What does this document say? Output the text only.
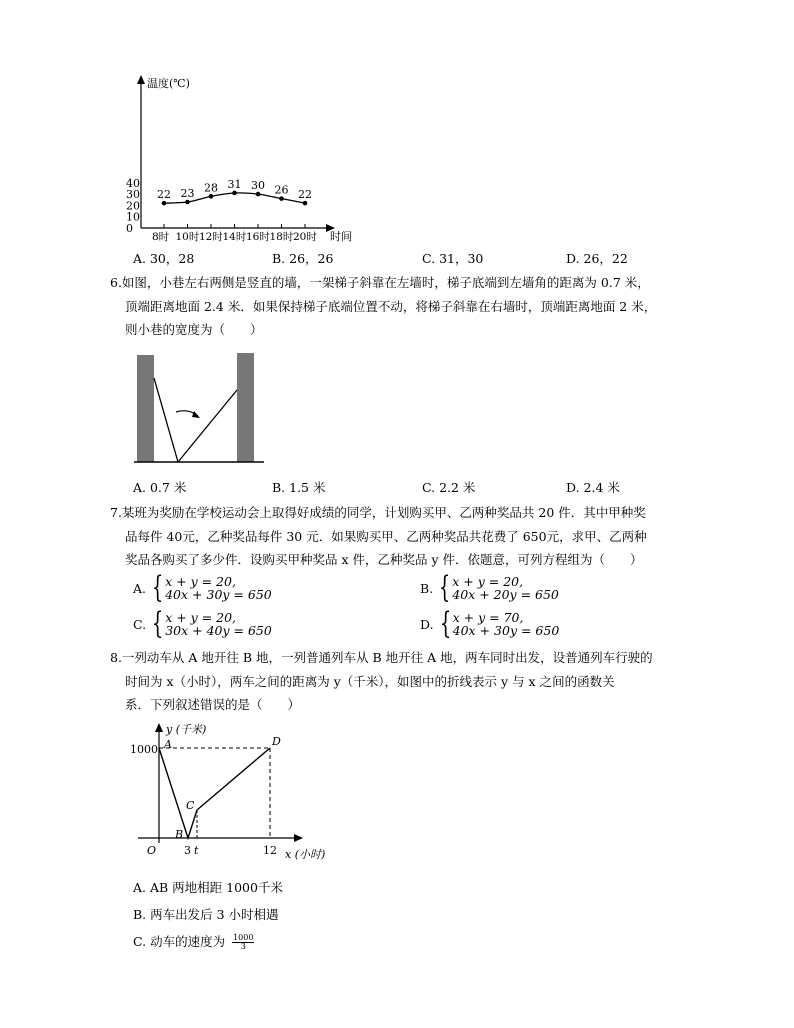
温度(℃)
时间
0
10
20
30
40
8时 10时 12时 14时 16时 18时 20时
22 23 28 31 30 26 22
A. 30，28	B. 26，26	C. 31，30	D. 26，22
6.如图，小巷左右两侧是竖直的墙，一架梯子斜靠在左墙时，梯子底端到左墙角的距离为 0.7 米，
顶端距离地面 2.4 米．如果保持梯子底端位置不动，将梯子斜靠在右墙时，顶端距离地面 2 米，
则小巷的宽度为（　　）
A. 0.7 米	B. 1.5 米	C. 2.2 米	D. 2.4 米
7.某班为奖励在学校运动会上取得好成绩的同学，计划购买甲、乙两种奖品共 20 件．其中甲种奖
品每件 40元，乙种奖品每件 30 元．如果购买甲、乙两种奖品共花费了 650元，求甲、乙两种
奖品各购买了多少件．设购买甲种奖品 x 件，乙种奖品 y 件．依题意，可列方程组为（　　）
A. { x + y = 20,
40x + 30y = 650	B. { x + y = 20,
40x + 20y = 650
C. { x + y = 20,
30x + 40y = 650	D. { x + y = 70,
40x + 30y = 650
8.一列动车从 A 地开往 B 地，一列普通列车从 B 地开往 A 地，两车同时出发，设普通列车行驶的
时间为 x（小时），两车之间的距离为 y（千米），如图中的折线表示 y 与 x 之间的函数关
系．下列叙述错误的是（　　）
y (千米)
x (小时)
1000
O	3 t	12
A
B
C
D
A. AB 两地相距 1000千米
B. 两车出发后 3 小时相遇
C. 动车的速度为 $\frac{1000}{3}$
